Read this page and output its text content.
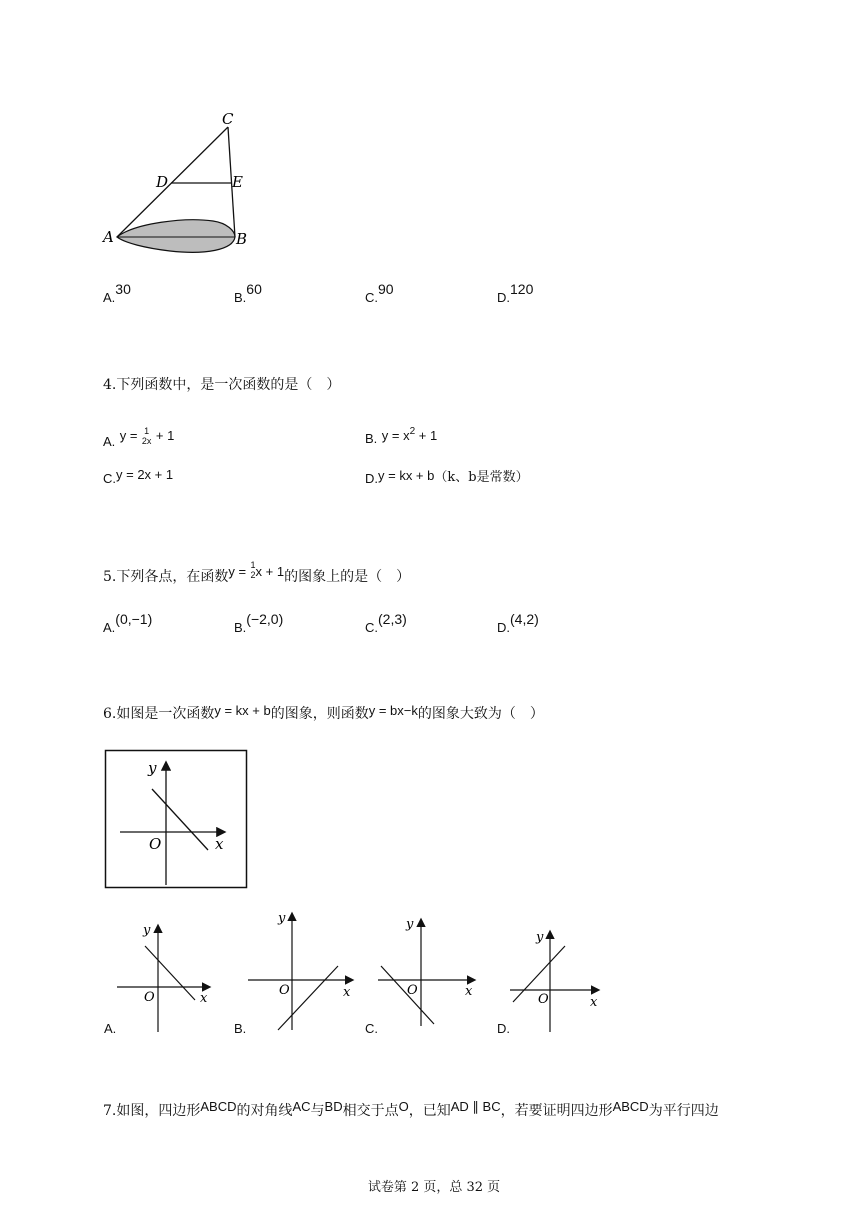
C
D	E
A	B
A.30
B.60
C.90
D.120
4.下列函数中，是一次函数的是（　）
A. y = 1
2x + 1	B. $y = x^2 + 1$
C.y = 2x + 1	D.y = kx + b（k、b是常数）
5.下列各点，在函数y = 1
2 x + 1的图象上的是（　）
A.(0,−1)
B.(−2,0)
C.(2,3)
D.(4,2)
6.如图是一次函数y = kx + b的图象，则函数y = bx−k的图象大致为（　）
y
x
O
y
x
O
A.
y
x
O
B.
y
x
O
C.
y
x
O
D.
7.如图，四边形ABCD的对角线AC与BD相交于点O，已知AD ∥ BC，若要证明四边形ABCD为平行四边
试卷第 2 页，总 32 页
